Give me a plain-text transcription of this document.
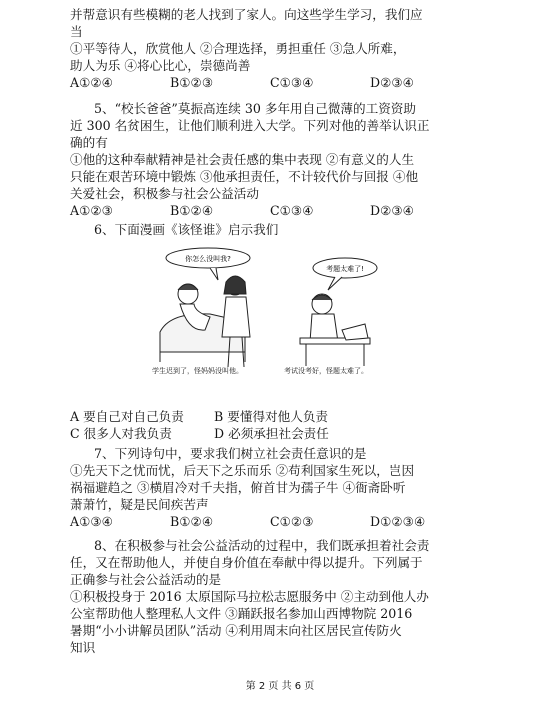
并帮意识有些模糊的老人找到了家人。向这些学生学习，我们应
当
①平等待人，欣赏他人 ②合理选择，勇担重任 ③急人所难，
助人为乐 ④将心比心，崇德尚善
A①②④	B①②③	C①③④	D②③④
5、“校长爸爸”莫振高连续 30 多年用自己微薄的工资资助
近 300 名贫困生，让他们顺利进入大学。下列对他的善举认识正
确的有
①他的这种奉献精神是社会责任感的集中表现 ②有意义的人生
只能在艰苦环境中锻炼 ③他承担责任，不计较代价与回报 ④他
关爱社会，积极参与社会公益活动
A①②③	B①②④	C①③④	D②③④
6、下面漫画《该怪谁》启示我们
你怎么没叫我?
考题太难了!
学生迟到了，怪妈妈没叫他。	考试没考好，怪题太难了。
A 要自己对自己负责 B 要懂得对他人负责
C 很多人对我负责	D 必须承担社会责任
7、下列诗句中，要求我们树立社会责任意识的是
①先天下之忧而忧，后天下之乐而乐 ②苟利国家生死以，岂因
祸福避趋之 ③横眉冷对千夫指，俯首甘为孺子牛 ④衙斋卧听
萧萧竹，疑是民间疾苦声
A①③④	B①②④	C①②③	D①②③④
8、在积极参与社会公益活动的过程中，我们既承担着社会责
任，又在帮助他人，并使自身价值在奉献中得以提升。下列属于
正确参与社会公益活动的是
①积极投身于 2016 太原国际马拉松志愿服务中 ②主动到他人办
公室帮助他人整理私人文件 ③踊跃报名参加山西博物院 2016
暑期“小小讲解员团队”活动 ④利用周末向社区居民宣传防火
知识
第 2 页 共 6 页
